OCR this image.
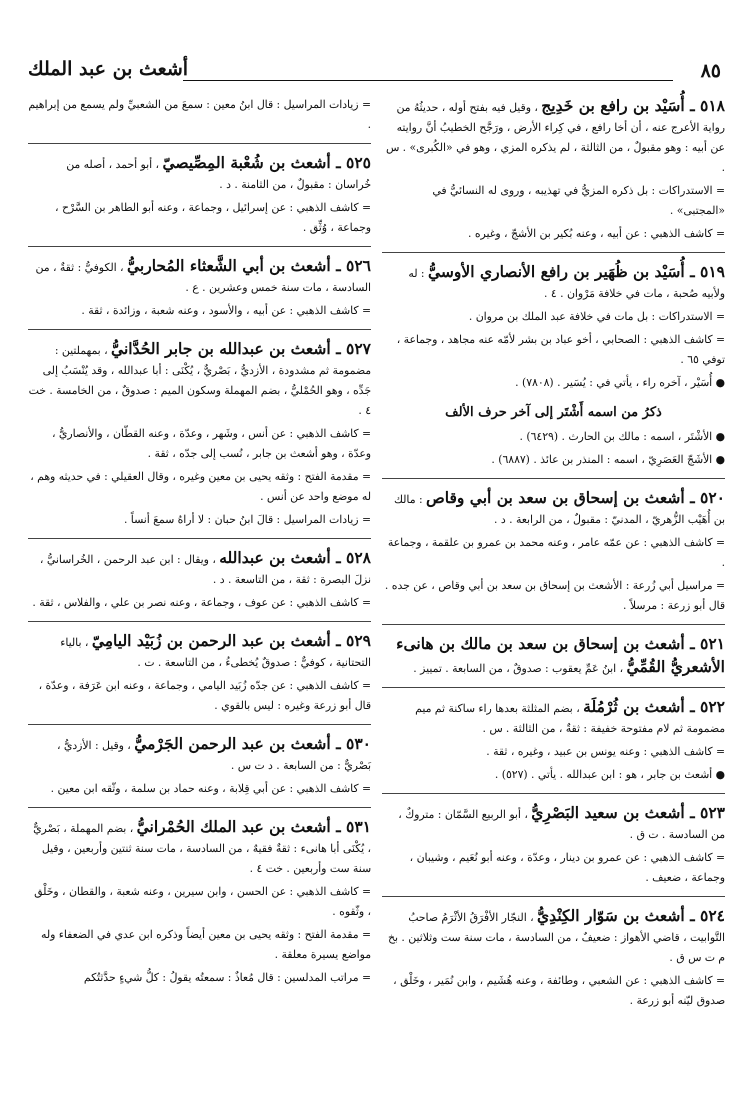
أشعث بن عبد الملك	٨٥

٥١٨ ـ أُسَيْد بن رافع بن خَدِيج ، وقيل فيه بفتح أوله ، حديثُهُ من رواية الأعرج عنه ، أن أخا رافع ، في كِراء الأرض ، ورَجَّح الخطيبُ أنَّ روايته عن أبيه : وهو مقبولٌ ، من الثالثة ، لم يذكره المزي ، وهو في «الكُبرى» . س .

= الاستدراكات : بل ذكره المزيُّ في تهذيبه ، وروى له النسائيُّ في «المجتبى» .

= كاشف الذهبي : عن أبيه ، وعنه بُكير بن الأشجّ ، وغيره .

٥١٩ ـ أُسَيْد بن ظُهَير بن رافع الأنصاري الأوسيُّ : له ولأبيه صُحبة ، مات في خلافة مَرْوان . ٤ .

= الاستدراكات : بل مات في خلافة عبد الملك بن مروان .

= كاشف الذهبي : الصحابي ، أخو عباد بن بشر لأمّه عنه مجاهد ، وجماعة ، توفي ٦٥ .

● أُسَيْر ، آخره راء ، يأتي في : يُسَير . (٧٨٠٨) .

ذكرُ من اسمه أَشْتَر إلى آخر حرف الألف

● الأشْتَر ، اسمه : مالك بن الحارث . (٦٤٢٩) .

● الأشَجّ العَصَرِيّ ، اسمه : المنذر بن عائذ . (٦٨٨٧) .

٥٢٠ ـ أشعث بن إسحاق بن سعد بن أبي وقاص : مالك بن أُهَيْب الزُّهريّ ، المدنيّ : مقبولٌ ، من الرابعة . د .

= كاشف الذهبي : عن عمّه عامر ، وعنه محمد بن عمرو بن علقمة ، وجماعة .

= مراسيل أبي زُرعة : الأشعث بن إسحاق بن سعد بن أبي وقاص ، عن جده . قال أبو زرعة : مرسلاً .

٥٢١ ـ أشعث بن إسحاق بن سعد بن مالك بن هانىء الأشعريُّ القُمِّيُّ ، ابنُ عَمِّ يعقوب : صدوقٌ ، من السابعة . تمييز .

٥٢٢ ـ أشعث بن ثُرْمُلَة ، بضم المثلثة بعدها راء ساكنة ثم ميم مضمومة ثم لام مفتوحة خفيفة : ثقةٌ ، من الثالثة . س .

= كاشف الذهبي : وعنه يونس بن عبيد ، وغيره ، ثقة .

● أشعث بن جابر ، هو : ابن عبدالله . يأتي . (٥٢٧) .

٥٢٣ ـ أشعث بن سعيد البَصْرِيُّ ، أبو الربيع السَّمّان : متروكٌ ، من السادسة . ت ق .

= كاشف الذهبي : عن عمرو بن دينار ، وعدّة ، وعنه أبو نُعَيم ، وشيبان ، وجماعة ، ضعيف .

٥٢٤ ـ أشعث بن سَوّار الكِنْدِيُّ ، النجّار الأفْرَقُ الأثْرَمُ صاحبُ التَّوابيت ، قاضي الأهواز : ضعيفٌ ، من السادسة ، مات سنة ست وثلاثين . بخ م ت س ق .

= كاشف الذهبي : عن الشعبي ، وطائفة ، وعنه هُشَيم ، وابن نُمَير ، وخَلْق ، صدوق ليّنه أبو زرعة .

= زيادات المراسيل : قال ابنُ معين : سمعَ من الشعبيِّ ولم يسمع من إبراهيم .

٥٢٥ ـ أشعث بن شُعْبة المِصِّيصيّ ، أبو أحمد ، أصله من خُراسان : مقبولٌ ، من الثامنة . د .

= كاشف الذهبي : عن إسرائيل ، وجماعة ، وعنه أبو الطاهر بن السَّرْح ، وجماعة ، وُثِّق .

٥٢٦ ـ أشعث بن أبي الشَّعثاء المُحاربيُّ ، الكوفيُّ : ثقةٌ ، من السادسة ، مات سنة خمس وعشرين . ع .

= كاشف الذهبي : عن أبيه ، والأسود ، وعنه شعبة ، وزائدة ، ثقة .

٥٢٧ ـ أشعث بن عبدالله بن جابر الحُدَّانيُّ ، بمهملتين : مضمومة ثم مشدودة ، الأزديُّ ، بَصْريٌّ ، يُكْنَى : أبا عبدالله ، وقد يُنْسَبُ إلى جَدِّه ، وهو الحُمْليُّ ، بضم المهملة وسكون الميم : صدوقٌ ، من الخامسة . خت ٤ .

= كاشف الذهبي : عن أنس ، وشَهر ، وعدّة ، وعنه القطّان ، والأنصاريُّ ، وعدّة ، وهو أشعث بن جابر ، نُسب إلى جدّه ، ثقة .

= مقدمة الفتح : وثقه يحيى بن معين وغيره ، وقال العقيلي : في حديثه وهم ، له موضع واحد عن أنس .

= زيادات المراسيل : قالَ ابنُ حبان : لا أراهُ سمعَ أنساً .

٥٢٨ ـ أشعث بن عبدالله ، ويقال : ابن عبد الرحمن ، الخُراسانيُّ ، نزلَ البصرة : ثقة ، من التاسعة . د .

= كاشف الذهبي : عن عوف ، وجماعة ، وعنه نصر بن علي ، والفلاس ، ثقة .

٥٢٩ ـ أشعث بن عبد الرحمن بن زُبَيْد اليامِيّ ، بالياء التحتانية ، كوفيٌّ : صدوقٌ يُخطىءُ ، من التاسعة . ت .

= كاشف الذهبي : عن جدّه زُبَيد اليامي ، وجماعة ، وعنه ابن عَرَفة ، وعدّة ، قال أبو زرعة وغيره : ليس بالقوي .

٥٣٠ ـ أشعث بن عبد الرحمن الجَرْميُّ ، وقيل : الأزديُّ ، بَصْريٌّ : من السابعة . د ت س .

= كاشف الذهبي : عن أبي قِلابة ، وعنه حماد بن سلمة ، وثّقه ابن معين .

٥٣١ ـ أشعث بن عبد الملك الحُمْرانيُّ ، بضم المهملة ، بَصْريٌّ ، يُكْنَى أبا هانىء : ثقةٌ فقيهٌ ، من السادسة ، مات سنة ثنتين وأربعين ، وقيل سنة ست وأربعين . خت ٤ .

= كاشف الذهبي : عن الحسن ، وابن سيرين ، وعنه شعبة ، والقطان ، وخَلْق ، وثّقوه .

= مقدمة الفتح : وثقه يحيى بن معين أيضاً وذكره ابن عدي في الضعفاء وله مواضع يسيرة معلقة .

= مراتب المدلسين : قال مُعاذٌ : سمعتُه يقولُ : كلُّ شيءٍ حدَّثتُكم
